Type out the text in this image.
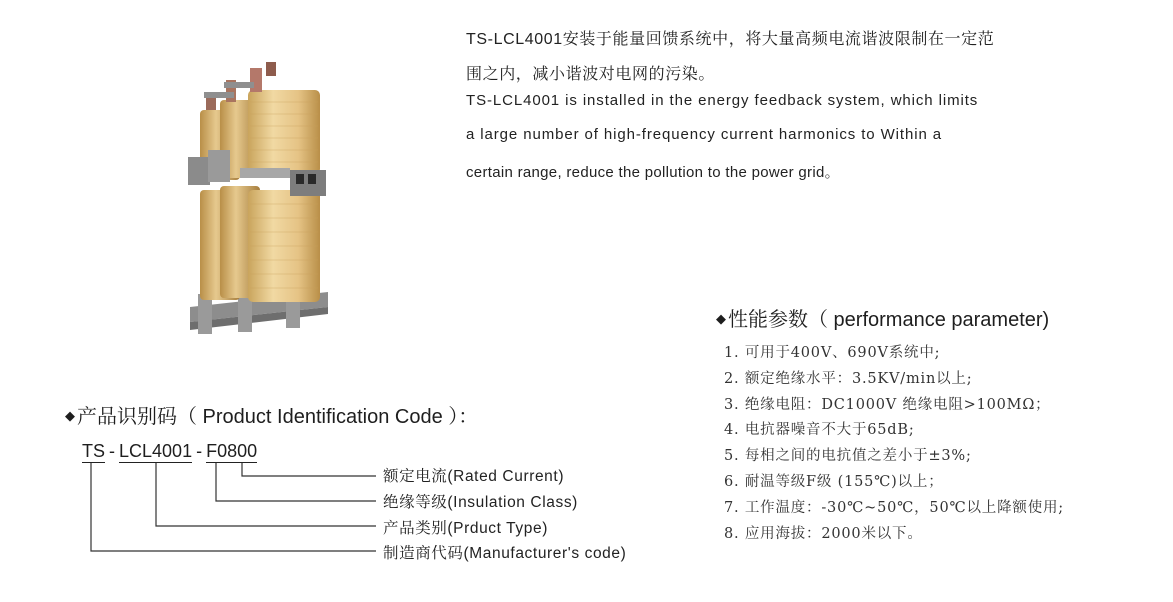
TS-LCL4001安装于能量回馈系统中，将大量高频电流谐波限制在一定范
围之内，减小谐波对电网的污染。
TS-LCL4001 is installed in the energy feedback system, which limits
a large number of high-frequency current harmonics to Within a
certain range, reduce the pollution to the power grid。
◆ 性能参数（ performance parameter)
1. 可用于400V、690V系统中;
2. 额定绝缘水平：3.5KV/min以上;
3. 绝缘电阻：DC1000V 绝缘电阻>100MΩ；
4. 电抗器噪音不大于65dB;
5. 每相之间的电抗值之差小于±3%;
6. 耐温等级F级 (155℃)以上；
7. 工作温度：-30℃~50℃，50℃以上降额使用;
8. 应用海拔：2000米以下。
◆ 产品识别码（ Product Identification Code ）：
TS - LCL4001 - F0800
额定电流(Rated Current)
绝缘等级(Insulation Class)
产品类别(Prduct Type)
制造商代码(Manufacturer's code)
